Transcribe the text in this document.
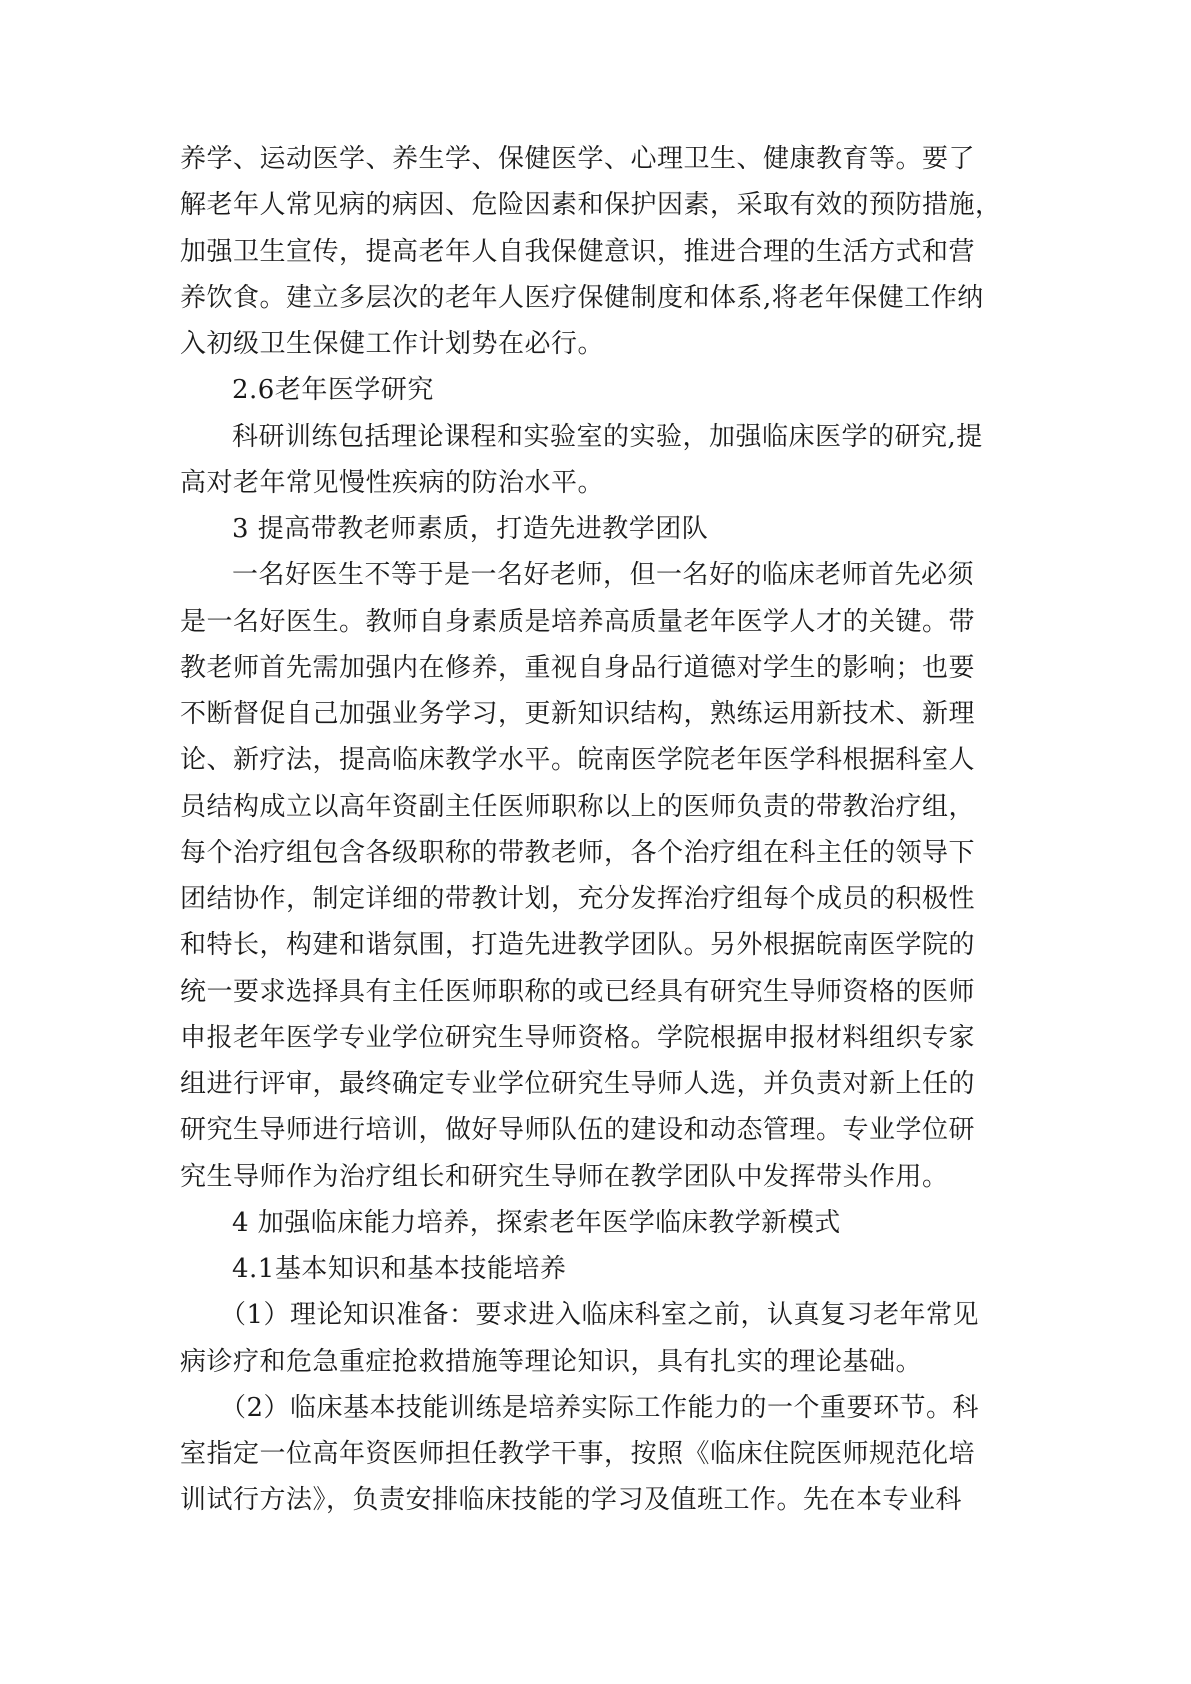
养学、运动医学、养生学、保健医学、心理卫生、健康教育等。要了
解老年人常见病的病因、危险因素和保护因素，采取有效的预防措施，
加强卫生宣传，提高老年人自我保健意识，推进合理的生活方式和营
养饮食。建立多层次的老年人医疗保健制度和体系,将老年保健工作纳
入初级卫生保健工作计划势在必行。
2.6老年医学研究
科研训练包括理论课程和实验室的实验，加强临床医学的研究,提
高对老年常见慢性疾病的防治水平。
3 提高带教老师素质，打造先进教学团队
一名好医生不等于是一名好老师，但一名好的临床老师首先必须
是一名好医生。教师自身素质是培养高质量老年医学人才的关键。带
教老师首先需加强内在修养，重视自身品行道德对学生的影响；也要
不断督促自己加强业务学习，更新知识结构，熟练运用新技术、新理
论、新疗法，提高临床教学水平。皖南医学院老年医学科根据科室人
员结构成立以高年资副主任医师职称以上的医师负责的带教治疗组，
每个治疗组包含各级职称的带教老师，各个治疗组在科主任的领导下
团结协作，制定详细的带教计划，充分发挥治疗组每个成员的积极性
和特长，构建和谐氛围，打造先进教学团队。另外根据皖南医学院的
统一要求选择具有主任医师职称的或已经具有研究生导师资格的医师
申报老年医学专业学位研究生导师资格。学院根据申报材料组织专家
组进行评审，最终确定专业学位研究生导师人选，并负责对新上任的
研究生导师进行培训，做好导师队伍的建设和动态管理。专业学位研
究生导师作为治疗组长和研究生导师在教学团队中发挥带头作用。
4 加强临床能力培养，探索老年医学临床教学新模式
4.1基本知识和基本技能培养
（1）理论知识准备：要求进入临床科室之前，认真复习老年常见
病诊疗和危急重症抢救措施等理论知识，具有扎实的理论基础。
（2）临床基本技能训练是培养实际工作能力的一个重要环节。科
室指定一位高年资医师担任教学干事，按照《临床住院医师规范化培
训试行方法》，负责安排临床技能的学习及值班工作。先在本专业科
